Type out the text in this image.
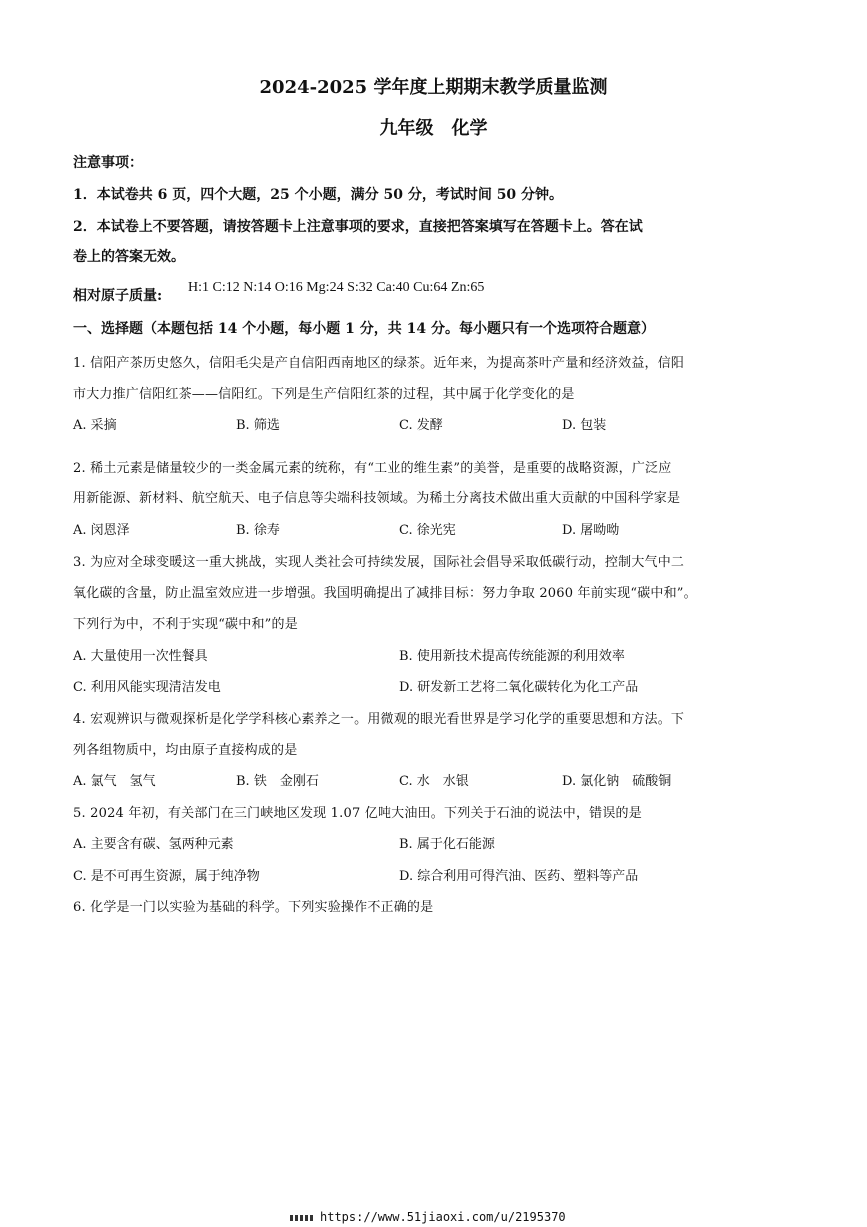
2024-2025 学年度上期期末教学质量监测
九年级　化学
注意事项：
1．本试卷共 6 页，四个大题，25 个小题，满分 50 分，考试时间 50 分钟。
2．本试卷上不要答题，请按答题卡上注意事项的要求，直接把答案填写在答题卡上。答在试
卷上的答案无效。
相对原子质量:
H:1 C:12 N:14 O:16 Mg:24 S:32 Ca:40 Cu:64 Zn:65
一、选择题（本题包括 14 个小题，每小题 1 分，共 14 分。每小题只有一个选项符合题意）
1. 信阳产茶历史悠久，信阳毛尖是产自信阳西南地区的绿茶。近年来，为提高茶叶产量和经济效益，信阳
市大力推广信阳红茶——信阳红。下列是生产信阳红茶的过程，其中属于化学变化的是
A. 采摘	B. 筛选	C. 发酵	D. 包装
2. 稀土元素是储量较少的一类金属元素的统称，有“工业的维生素”的美誉，是重要的战略资源，广泛应
用新能源、新材料、航空航天、电子信息等尖端科技领域。为稀土分离技术做出重大贡献的中国科学家是
A. 闵恩泽	B. 徐寿	C. 徐光宪	D. 屠呦呦
3. 为应对全球变暖这一重大挑战，实现人类社会可持续发展，国际社会倡导采取低碳行动，控制大气中二
氧化碳的含量，防止温室效应进一步增强。我国明确提出了减排目标：努力争取 2060 年前实现“碳中和”。
下列行为中，不利于实现“碳中和”的是
A. 大量使用一次性餐具	B. 使用新技术提高传统能源的利用效率
C. 利用风能实现清洁发电	D. 研发新工艺将二氧化碳转化为化工产品
4. 宏观辨识与微观探析是化学学科核心素养之一。用微观的眼光看世界是学习化学的重要思想和方法。下
列各组物质中，均由原子直接构成的是
A. 氯气　氢气	B. 铁　金刚石	C. 水　水银	D. 氯化钠　硫酸铜
5. 2024 年初，有关部门在三门峡地区发现 1.07 亿吨大油田。下列关于石油的说法中，错误的是
A. 主要含有碳、氢两种元素	B. 属于化石能源
C. 是不可再生资源，属于纯净物	D. 综合利用可得汽油、医药、塑料等产品
6. 化学是一门以实验为基础的科学。下列实验操作不正确的是
https://www.51jiaoxi.com/u/2195370
